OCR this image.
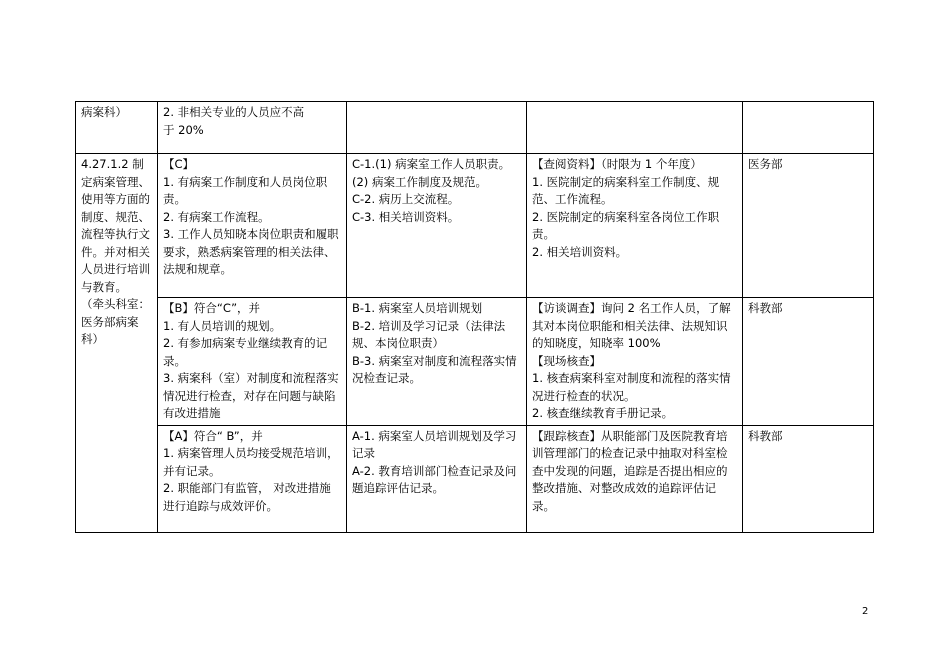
病案科）	2. 非相关专业的人员应不高
于 20%			
4.27.1.2 制定病案管理、使用等方面的制度、规范、流程等执行文件。并对相关人员进行培训与教育。
（牵头科室：医务部病案科）	【C】
1. 有病案工作制度和人员岗位职责。
2. 有病案工作流程。
3. 工作人员知晓本岗位职责和履职要求，熟悉病案管理的相关法律、法规和规章。	C-1.(1) 病案室工作人员职责。
(2) 病案工作制度及规范。
C-2. 病历上交流程。
C-3. 相关培训资料。	【查阅资料】（时限为 1 个年度）
1. 医院制定的病案科室工作制度、规范、工作流程。
2. 医院制定的病案科室各岗位工作职责。
2. 相关培训资料。	医务部
	【B】符合“C”，并
1. 有人员培训的规划。
2. 有参加病案专业继续教育的记录。
3. 病案科（室）对制度和流程落实情况进行检查，对存在问题与缺陷有改进措施	B-1. 病案室人员培训规划
B-2. 培训及学习记录（法律法规、本岗位职责）
B-3. 病案室对制度和流程落实情况检查记录。	【访谈调查】询问 2 名工作人员，了解其对本岗位职能和相关法律、法规知识的知晓度，知晓率 100%
【现场核查】
1. 核查病案科室对制度和流程的落实情况进行检查的状况。
2. 核查继续教育手册记录。	科教部
	【A】符合“ B”，并
1. 病案管理人员均接受规范培训，并有记录。
2. 职能部门有监管， 对改进措施进行追踪与成效评价。	A-1. 病案室人员培训规划及学习记录
A-2. 教育培训部门检查记录及问题追踪评估记录。	【跟踪核查】从职能部门及医院教育培训管理部门的检查记录中抽取对科室检查中发现的问题，追踪是否提出相应的整改措施、对整改成效的追踪评估记录。	科教部
2
